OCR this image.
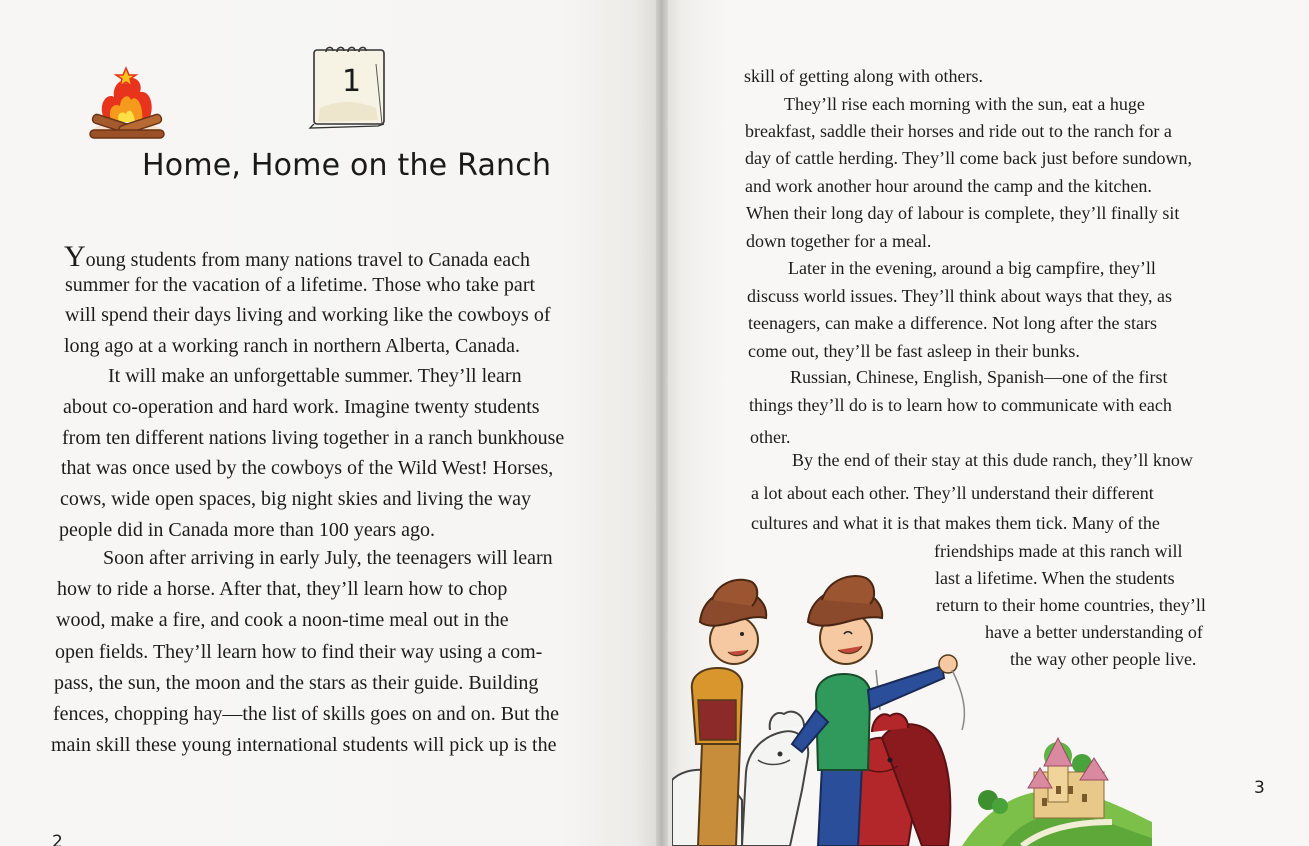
1
Home, Home on the Ranch
Young students from many nations travel to Canada each
summer for the vacation of a lifetime. Those who take part
will spend their days living and working like the cowboys of
long ago at a working ranch in northern Alberta, Canada.
It will make an unforgettable summer. They’ll learn
about co-operation and hard work. Imagine twenty students
from ten different nations living together in a ranch bunkhouse
that was once used by the cowboys of the Wild West! Horses,
cows, wide open spaces, big night skies and living the way
people did in Canada more than 100 years ago.
Soon after arriving in early July, the teenagers will learn
how to ride a horse. After that, they’ll learn how to chop
wood, make a fire, and cook a noon-time meal out in the
open fields. They’ll learn how to find their way using a com-
pass, the sun, the moon and the stars as their guide. Building
fences, chopping hay—the list of skills goes on and on. But the
main skill these young international students will pick up is the
2
skill of getting along with others.
They’ll rise each morning with the sun, eat a huge
breakfast, saddle their horses and ride out to the ranch for a
day of cattle herding. They’ll come back just before sundown,
and work another hour around the camp and the kitchen.
When their long day of labour is complete, they’ll finally sit
down together for a meal.
Later in the evening, around a big campfire, they’ll
discuss world issues. They’ll think about ways that they, as
teenagers, can make a difference. Not long after the stars
come out, they’ll be fast asleep in their bunks.
Russian, Chinese, English, Spanish—one of the first
things they’ll do is to learn how to communicate with each
other.
By the end of their stay at this dude ranch, they’ll know
a lot about each other. They’ll understand their different
cultures and what it is that makes them tick. Many of the
friendships made at this ranch will
last a lifetime. When the students
return to their home countries, they’ll
have a better understanding of
the way other people live.
3
